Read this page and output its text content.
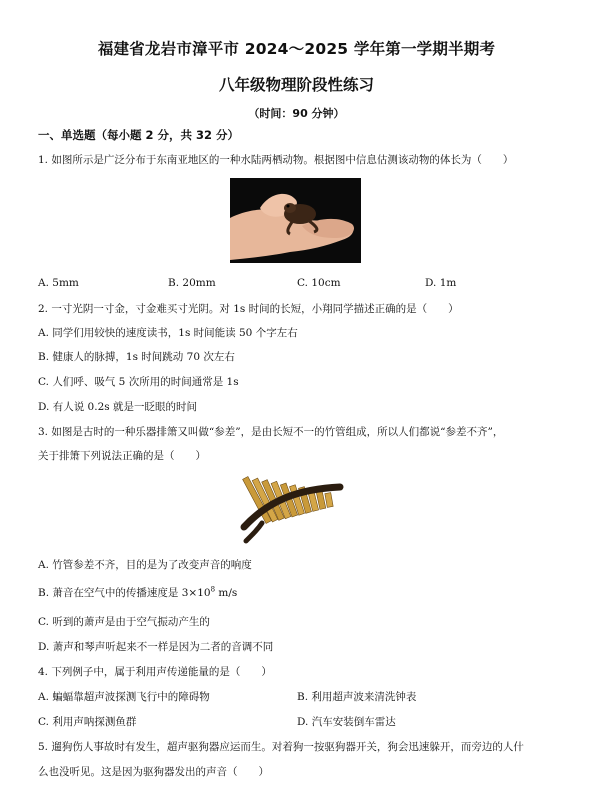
福建省龙岩市漳平市 2024～2025 学年第一学期半期考
八年级物理阶段性练习
（时间：90 分钟）
一、单选题（每小题 2 分，共 32 分）
1. 如图所示是广泛分布于东南亚地区的一种水陆两栖动物。根据图中信息估测该动物的体长为（　　）
A. 5mm	B. 20mm	C. 10cm	D. 1m
2. 一寸光阴一寸金，寸金难买寸光阴。对 1s 时间的长短，小翔同学描述正确的是（　　）
A. 同学们用较快的速度读书，1s 时间能读 50 个字左右
B. 健康人的脉搏，1s 时间跳动 70 次左右
C. 人们呼、吸气 5 次所用的时间通常是 1s
D. 有人说 0.2s 就是一眨眼的时间
3. 如图是古时的一种乐器排箫又叫做“参差”，是由长短不一的竹管组成，所以人们都说“参差不齐”，
关于排箫下列说法正确的是（　　）
A. 竹管参差不齐，目的是为了改变声音的响度
B. 萧音在空气中的传播速度是 $3\times 10^8$ m/s
C. 听到的萧声是由于空气振动产生的
D. 萧声和琴声听起来不一样是因为二者的音调不同
4. 下列例子中，属于利用声传递能量的是（　　）
A. 蝙蝠靠超声波探测飞行中的障碍物	B. 利用超声波来清洗钟表
C. 利用声呐探测鱼群	D. 汽车安装倒车雷达
5. 遛狗伤人事故时有发生，超声驱狗器应运而生。对着狗一按驱狗器开关，狗会迅速躲开，而旁边的人什
么也没听见。这是因为驱狗器发出的声音（　　）
